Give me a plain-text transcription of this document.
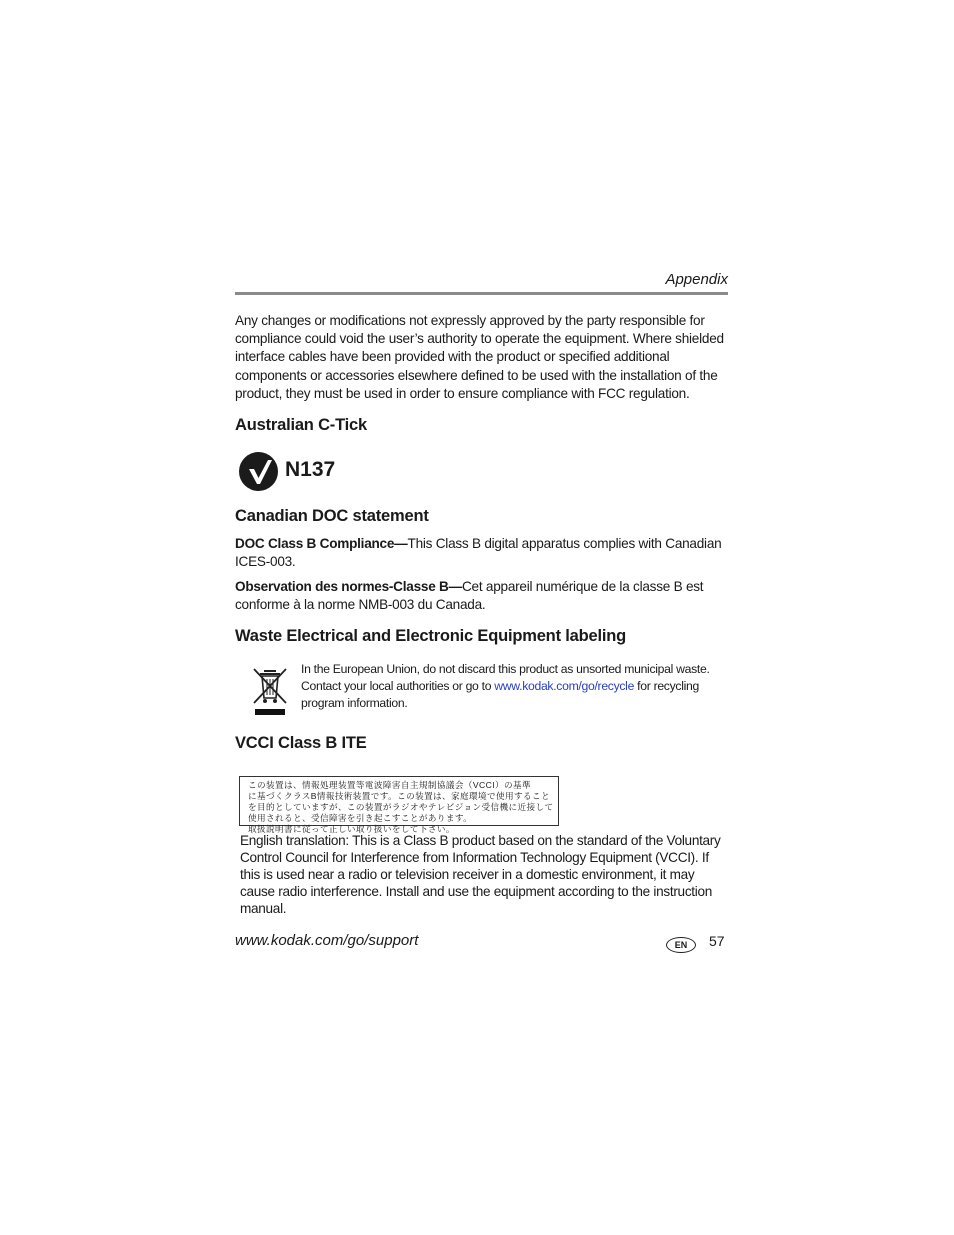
Appendix
Any changes or modifications not expressly approved by the party responsible for compliance could void the user’s authority to operate the equipment. Where shielded interface cables have been provided with the product or specified additional components or accessories elsewhere defined to be used with the installation of the product, they must be used in order to ensure compliance with FCC regulation.
Australian C-Tick
N137
Canadian DOC statement
DOC Class B Compliance—This Class B digital apparatus complies with Canadian ICES-003.
Observation des normes-Classe B—Cet appareil numérique de la classe B est conforme à la norme NMB-003 du Canada.
Waste Electrical and Electronic Equipment labeling
In the European Union, do not discard this product as unsorted municipal waste. Contact your local authorities or go to www.kodak.com/go/recycle for recycling program information.
VCCI Class B ITE
この装置は、情報処理装置等電波障害自主規制協議会（VCCI）の基準
に基づくクラスB情報技術装置です。この装置は、家庭環境で使用すること
を目的としていますが、この装置がラジオやテレビジョン受信機に近接して
使用されると、受信障害を引き起こすことがあります。
取扱説明書に従って正しい取り扱いをして下さい。
English translation: This is a Class B product based on the standard of the Voluntary Control Council for Interference from Information Technology Equipment (VCCI). If this is used near a radio or television receiver in a domestic environment, it may cause radio interference. Install and use the equipment according to the instruction manual.
www.kodak.com/go/support	EN	57
